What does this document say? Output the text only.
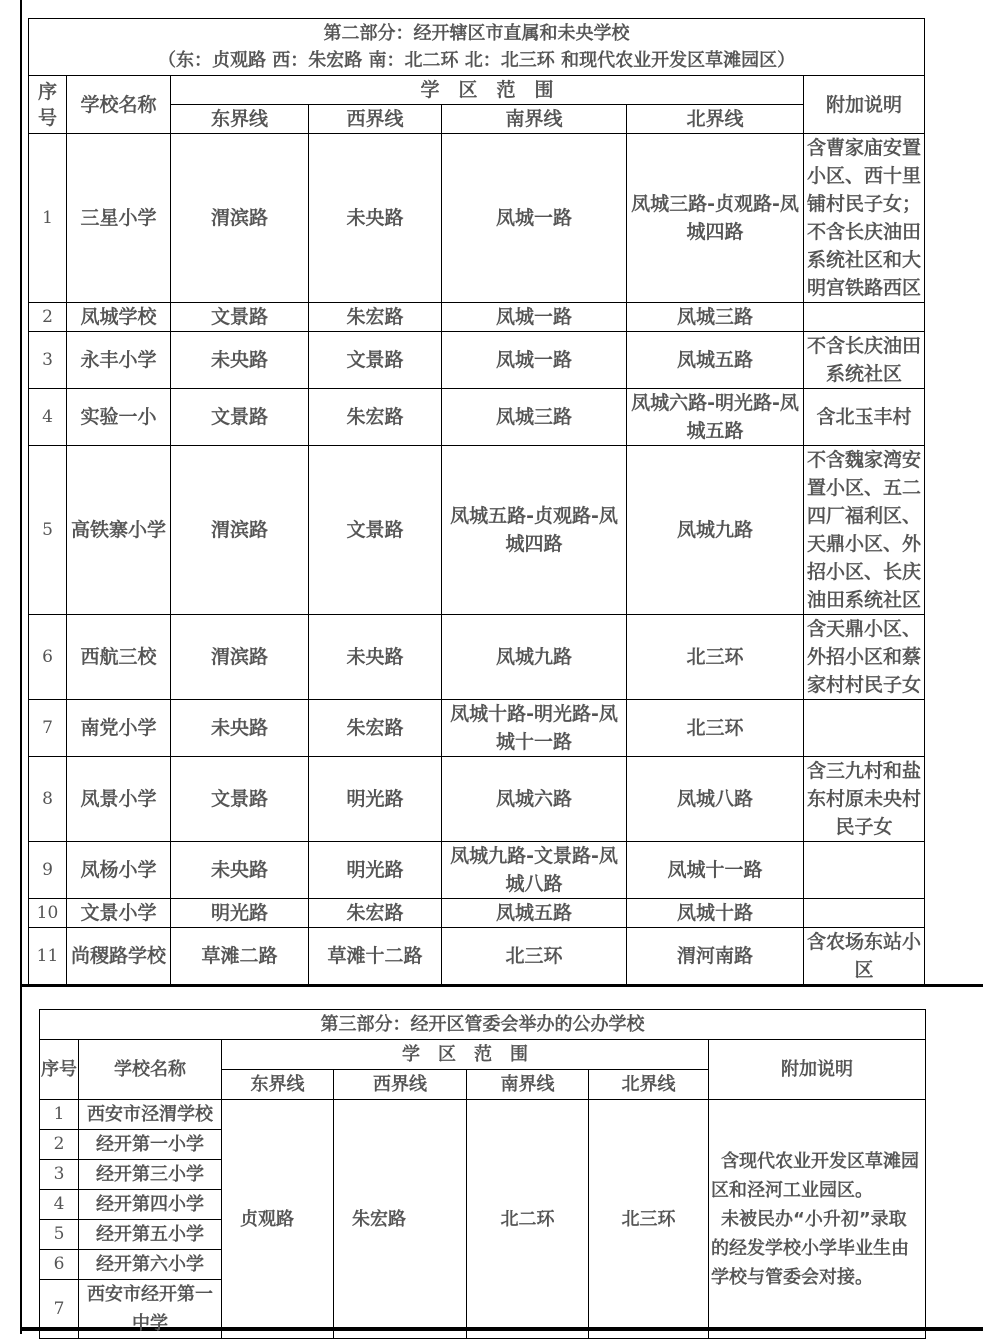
第二部分：经开辖区市直属和未央学校
（东：贞观路 西：朱宏路 南：北二环 北：北三环 和现代农业开发区草滩园区）						

序号	学校名称	学　区　范　围				附加说明
		东界线	西界线	南界线	北界线	
1	三星小学	渭滨路	未央路	凤城一路	凤城三路-贞观路-凤城四路	含曹家庙安置小区、西十里铺村民子女；不含长庆油田系统社区和大明宫铁路西区
2	凤城学校	文景路	朱宏路	凤城一路	凤城三路	
3	永丰小学	未央路	文景路	凤城一路	凤城五路	不含长庆油田系统社区
4	实验一小	文景路	朱宏路	凤城三路	凤城六路-明光路-凤城五路	含北玉丰村
5	高铁寨小学	渭滨路	文景路	凤城五路-贞观路-凤城四路	凤城九路	不含魏家湾安置小区、五二四厂福利区、天鼎小区、外招小区、长庆油田系统社区
6	西航三校	渭滨路	未央路	凤城九路	北三环	含天鼎小区、外招小区和蔡家村村民子女
7	南党小学	未央路	朱宏路	凤城十路-明光路-凤城十一路	北三环	
8	凤景小学	文景路	明光路	凤城六路	凤城八路	含三九村和盐东村原未央村民子女
9	凤杨小学	未央路	明光路	凤城九路-文景路-凤城八路	凤城十一路	
10	文景小学	明光路	朱宏路	凤城五路	凤城十路	
11	尚稷路学校	草滩二路	草滩十二路	北三环	渭河南路	含农场东站小区
第三部分：经开区管委会举办的公办学校						
序号	学校名称	学　区　范　围				附加说明
		东界线	西界线	南界线	北界线	
1	西安市泾渭学校	贞观路	朱宏路	北二环	北三环	含现代农业开发区草滩园区和泾河工业园区。
未被民办“小升初”录取的经发学校小学毕业生由学校与管委会对接。

2	经开第一小学					
3	经开第三小学					
4	经开第四小学					
5	经开第五小学					
6	经开第六小学					
7	西安市经开第一中学					
